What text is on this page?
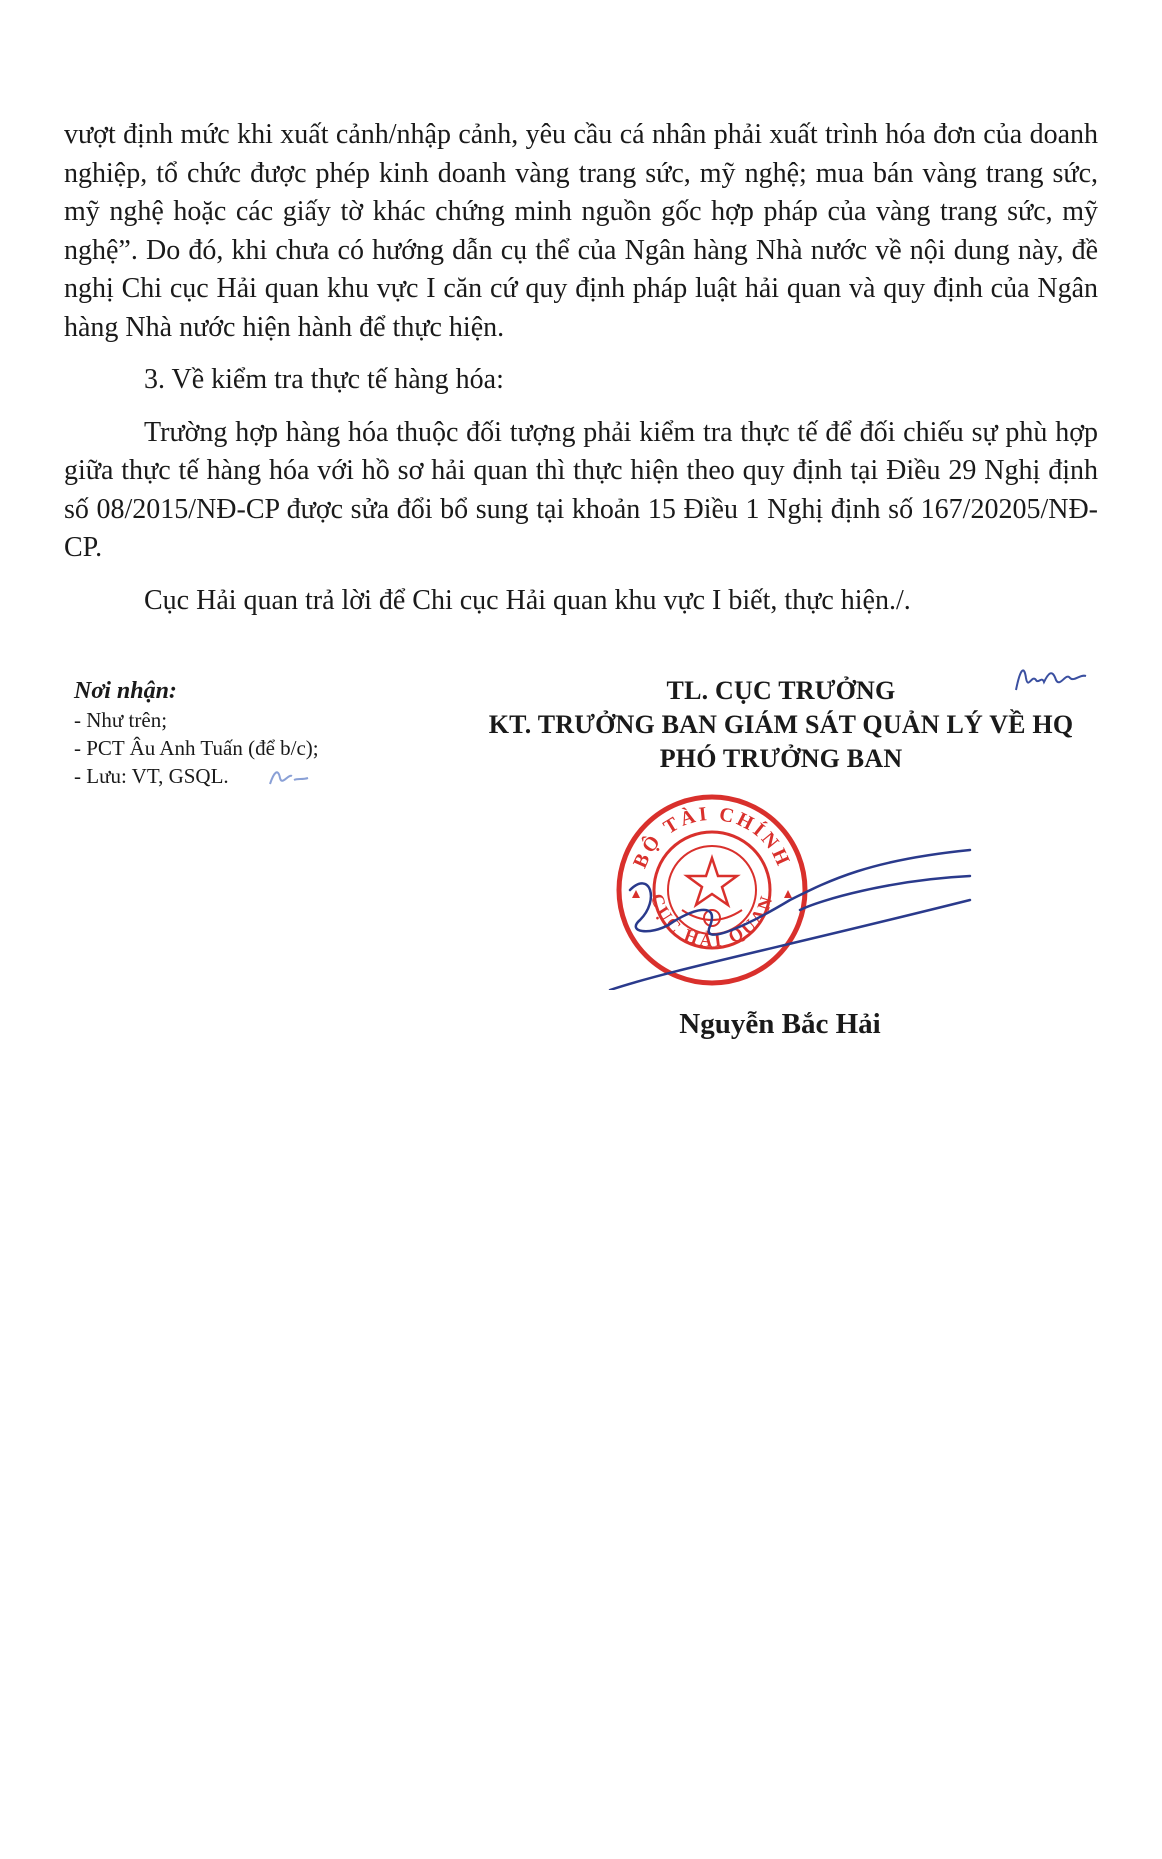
vượt định mức khi xuất cảnh/nhập cảnh, yêu cầu cá nhân phải xuất trình hóa đơn của doanh nghiệp, tổ chức được phép kinh doanh vàng trang sức, mỹ nghệ; mua bán vàng trang sức, mỹ nghệ hoặc các giấy tờ khác chứng minh nguồn gốc hợp pháp của vàng trang sức, mỹ nghệ”. Do đó, khi chưa có hướng dẫn cụ thể của Ngân hàng Nhà nước về nội dung này, đề nghị Chi cục Hải quan khu vực I căn cứ quy định pháp luật hải quan và quy định của Ngân hàng Nhà nước hiện hành để thực hiện.

3. Về kiểm tra thực tế hàng hóa:

Trường hợp hàng hóa thuộc đối tượng phải kiểm tra thực tế để đối chiếu sự phù hợp giữa thực tế hàng hóa với hồ sơ hải quan thì thực hiện theo quy định tại Điều 29 Nghị định số 08/2015/NĐ-CP được sửa đổi bổ sung tại khoản 15 Điều 1 Nghị định số 167/20205/NĐ-CP.

Cục Hải quan trả lời để Chi cục Hải quan khu vực I biết, thực hiện./.

Nơi nhận:
- Như trên;
- PCT Âu Anh Tuấn (để b/c);
- Lưu: VT, GSQL.
TL. CỤC TRƯỞNG
KT. TRƯỞNG BAN GIÁM SÁT QUẢN LÝ VỀ HQ
PHÓ TRƯỞNG BAN
BỘ TÀI CHÍNH
CỤC HẢI QUAN
Nguyễn Bắc Hải
